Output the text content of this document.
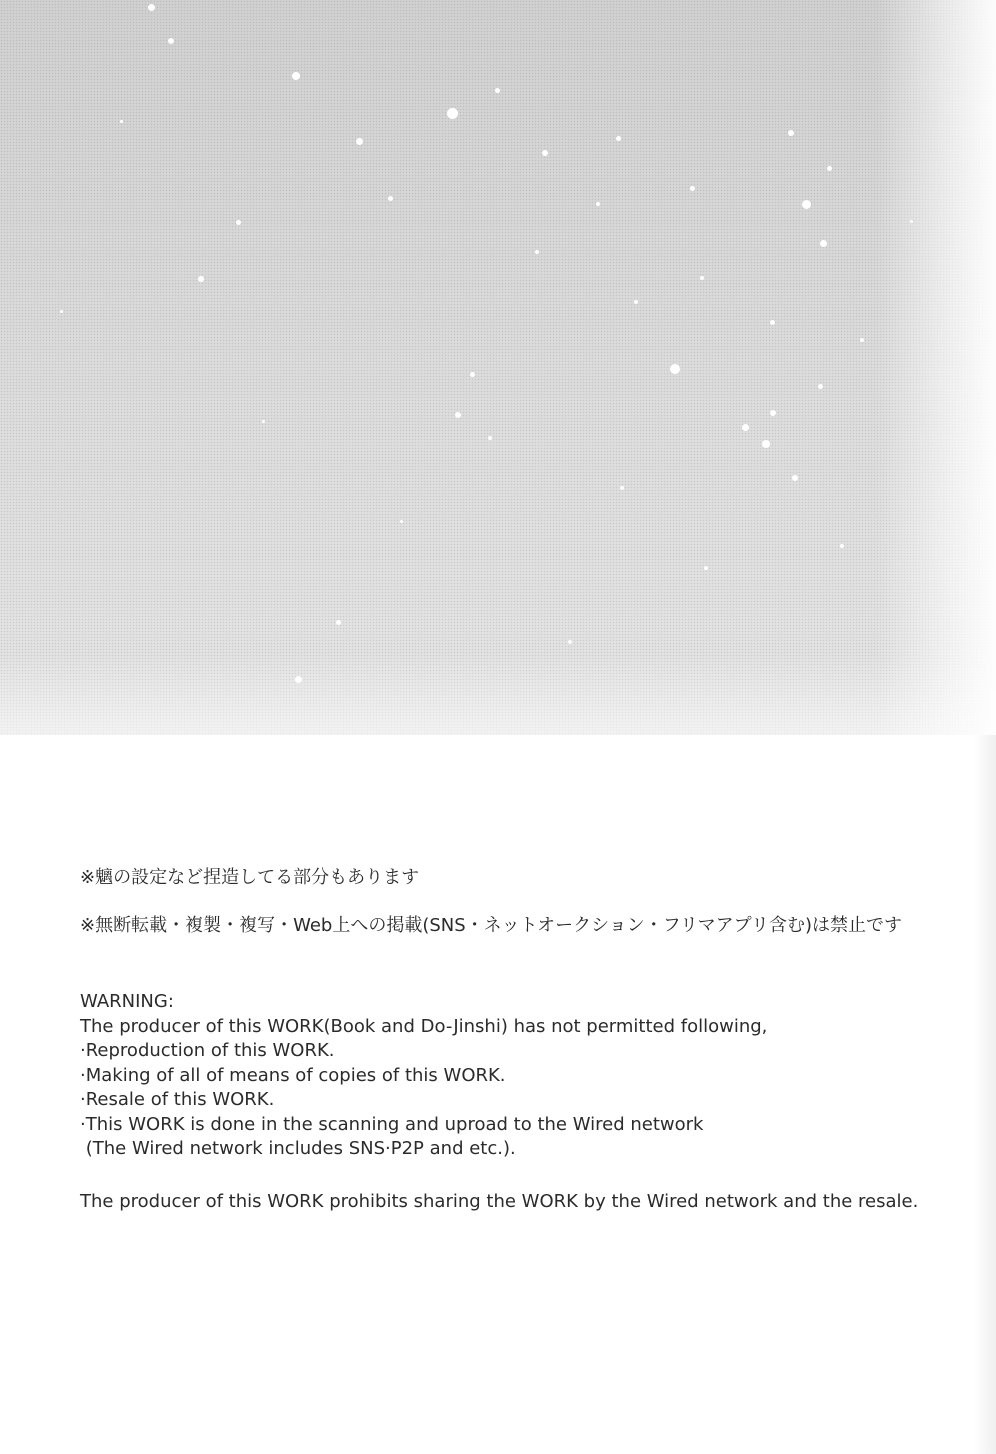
※魑の設定など捏造してる部分もあります
※無断転載・複製・複写・Web上への掲載(SNS・ネットオークション・フリマアプリ含む)は禁止です
WARNING:
The producer of this WORK(Book and Do-Jinshi) has not permitted following,
·Reproduction of this WORK.
·Making of all of means of copies of this WORK.
·Resale of this WORK.
·This WORK is done in the scanning and uproad to the Wired network
(The Wired network includes SNS·P2P and etc.).
The producer of this WORK prohibits sharing the WORK by the Wired network and the resale.
